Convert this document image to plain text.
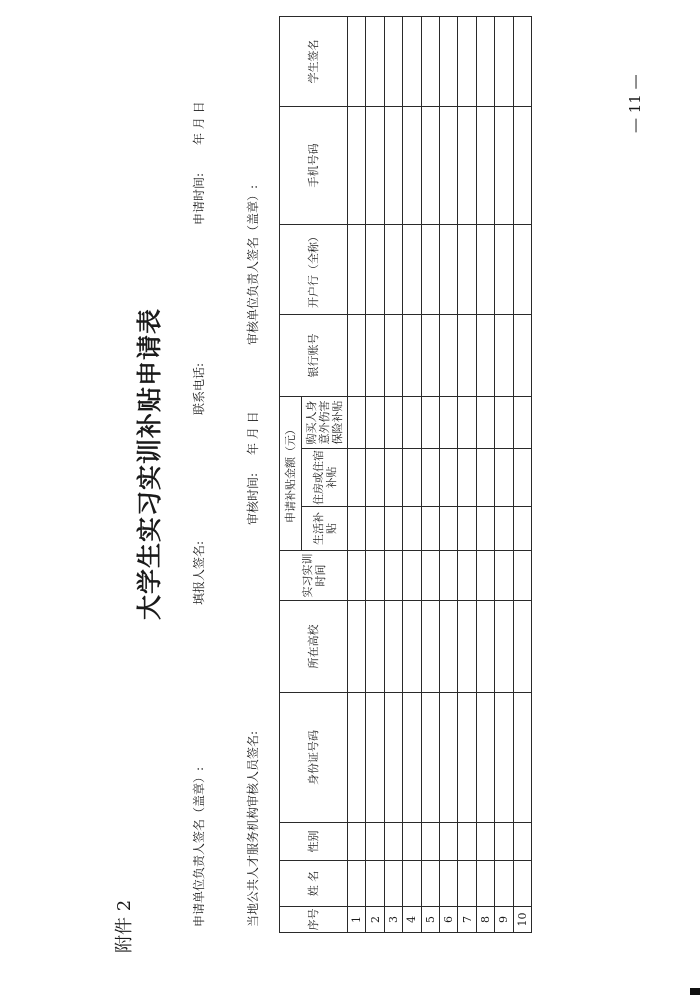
附件 2
大学生实习实训补贴申请表
申请单位负责人签名（盖章）:
填报人签名:
联系电话:
申请时间:
年 月 日
当地公共人才服务机构审核人员签名:
审核时间:
年 月 日
审核单位负责人签名（盖章）:
序号	姓 名	性别	身份证号码	所在高校	实习实训时间	申请补贴金额（元）			银行账号	开户行（全称）	手机号码	学生签名
						生活补贴	住房或住宿补贴	购买人身意外伤害保险补贴				
1												
2												
3												
4												
5												
6												
7												
8												
9												
10												
— 11 —
